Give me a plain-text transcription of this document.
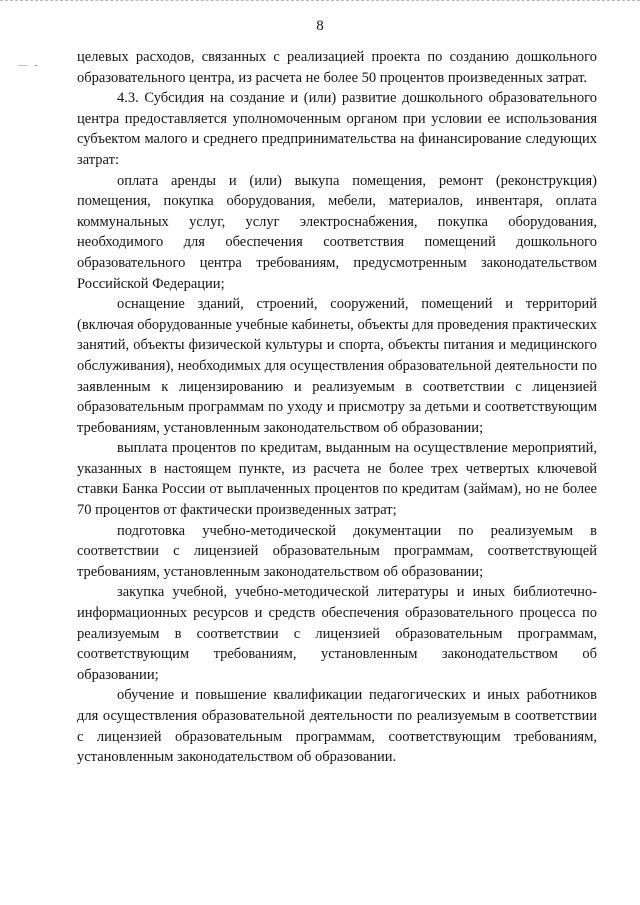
8
— -

целевых расходов, связанных с реализацией проекта по созданию дошкольного образовательного центра, из расчета не более 50 процентов произведенных затрат.

4.3. Субсидия на создание и (или) развитие дошкольного образовательного центра предоставляется уполномоченным органом при условии ее использования субъектом малого и среднего предпринимательства на финансирование следующих затрат:

оплата аренды и (или) выкупа помещения, ремонт (реконструкция) помещения, покупка оборудования, мебели, материалов, инвентаря, оплата коммунальных услуг, услуг электроснабжения, покупка оборудования, необходимого для обеспечения соответствия помещений дошкольного образовательного центра требованиям, предусмотренным законодательством Российской Федерации;

оснащение зданий, строений, сооружений, помещений и территорий (включая оборудованные учебные кабинеты, объекты для проведения практических занятий, объекты физической культуры и спорта, объекты питания и медицинского обслуживания), необходимых для осуществления образовательной деятельности по заявленным к лицензированию и реализуемым в соответствии с лицензией образовательным программам по уходу и присмотру за детьми и соответствующим требованиям, установленным законодательством об образовании;

выплата процентов по кредитам, выданным на осуществление мероприятий, указанных в настоящем пункте, из расчета не более трех четвертых ключевой ставки Банка России от выплаченных процентов по кредитам (займам), но не более 70 процентов от фактически произведенных затрат;

подготовка учебно-методической документации по реализуемым в соответствии с лицензией образовательным программам, соответствующей требованиям, установленным законодательством об образовании;

закупка учебной, учебно-методической литературы и иных библиотечно-информационных ресурсов и средств обеспечения образовательного процесса по реализуемым в соответствии с лицензией образовательным программам, соответствующим требованиям, установленным законодательством об образовании;

обучение и повышение квалификации педагогических и иных работников для осуществления образовательной деятельности по реализуемым в соответствии с лицензией образовательным программам, соответствующим требованиям, установленным законодательством об образовании.
